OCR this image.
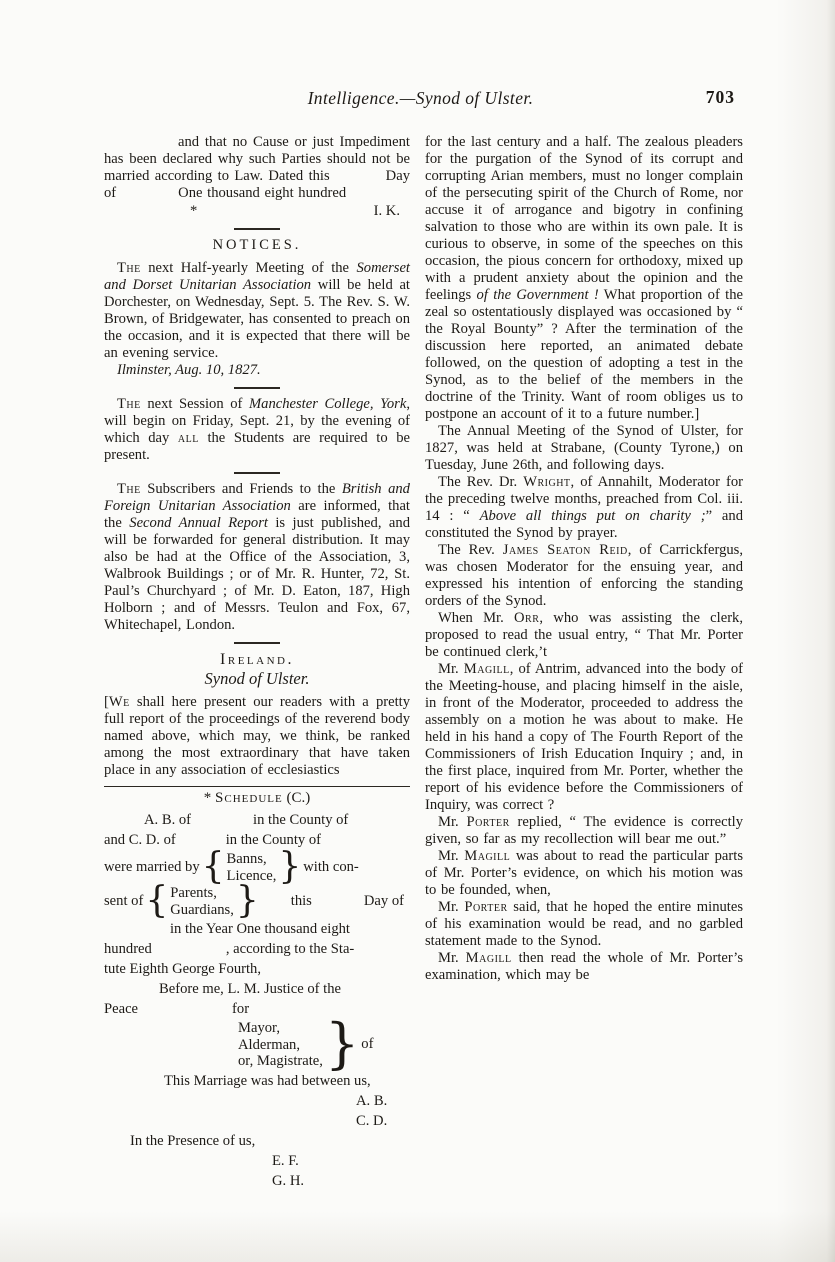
Intelligence.—Synod of Ulster.	703

and that no Cause or just Impediment has been declared why such Parties should not be married according to Law. Dated this	Day of	One thousand eight hundred

*	I. K.
NOTICES.

The next Half-yearly Meeting of the Somerset and Dorset Unitarian Association will be held at Dorchester, on Wednesday, Sept. 5. The Rev. S. W. Brown, of Bridgewater, has consented to preach on the occasion, and it is expected that there will be an evening service.

Ilminster, Aug. 10, 1827.

The next Session of Manchester College, York, will begin on Friday, Sept. 21, by the evening of which day all the Students are required to be present.

The Subscribers and Friends to the British and Foreign Unitarian Association are informed, that the Second Annual Report is just published, and will be forwarded for general distribution. It may also be had at the Office of the Association, 3, Walbrook Buildings ; or of Mr. R. Hunter, 72, St. Paul’s Churchyard ; of Mr. D. Eaton, 187, High Holborn ; and of Messrs. Teulon and Fox, 67, Whitechapel, London.

Ireland.
Synod of Ulster.

[We shall here present our readers with a pretty full report of the proceedings of the reverend body named above, which may, we think, be ranked among the most extraordinary that have taken place in any association of ecclesiastics

* Schedule (C.)
A. B. of	in the County of
and C. D. of	in the County of
were married by { Banns,
Licence, } with con-
sent of { Parents,
Guardians, } this	Day of
in the Year One thousand eight
hundred	, according to the Sta-
tute Eighth George Fourth,
Before me, L. M. Justice of the
Peace	for
Mayor,
Alderman,
or, Magistrate, } of
This Marriage was had between us,
A. B.
C. D.
In the Presence of us,
E. F.
G. H.

for the last century and a half. The zealous pleaders for the purgation of the Synod of its corrupt and corrupting Arian members, must no longer complain of the persecuting spirit of the Church of Rome, nor accuse it of arrogance and bigotry in confining salvation to those who are within its own pale. It is curious to observe, in some of the speeches on this occasion, the pious concern for orthodoxy, mixed up with a prudent anxiety about the opinion and the feelings of the Government ! What proportion of the zeal so ostentatiously displayed was occasioned by “ the Royal Bounty” ? After the termination of the discussion here reported, an animated debate followed, on the question of adopting a test in the Synod, as to the belief of the members in the doctrine of the Trinity. Want of room obliges us to postpone an account of it to a future number.]

The Annual Meeting of the Synod of Ulster, for 1827, was held at Strabane, (County Tyrone,) on Tuesday, June 26th, and following days.

The Rev. Dr. Wright, of Annahilt, Moderator for the preceding twelve months, preached from Col. iii. 14 : “ Above all things put on charity ;” and constituted the Synod by prayer.

The Rev. James Seaton Reid, of Carrickfergus, was chosen Moderator for the ensuing year, and expressed his intention of enforcing the standing orders of the Synod.

When Mr. Orr, who was assisting the clerk, proposed to read the usual entry, “ That Mr. Porter be continued clerk,’t

Mr. Magill, of Antrim, advanced into the body of the Meeting-house, and placing himself in the aisle, in front of the Moderator, proceeded to address the assembly on a motion he was about to make. He held in his hand a copy of The Fourth Report of the Commissioners of Irish Education Inquiry ; and, in the first place, inquired from Mr. Porter, whether the report of his evidence before the Commissioners of Inquiry, was correct ?

Mr. Porter replied, “ The evidence is correctly given, so far as my recollection will bear me out.”

Mr. Magill was about to read the particular parts of Mr. Porter’s evidence, on which his motion was to be founded, when,

Mr. Porter said, that he hoped the entire minutes of his examination would be read, and no garbled statement made to the Synod.

Mr. Magill then read the whole of Mr. Porter’s examination, which may be
